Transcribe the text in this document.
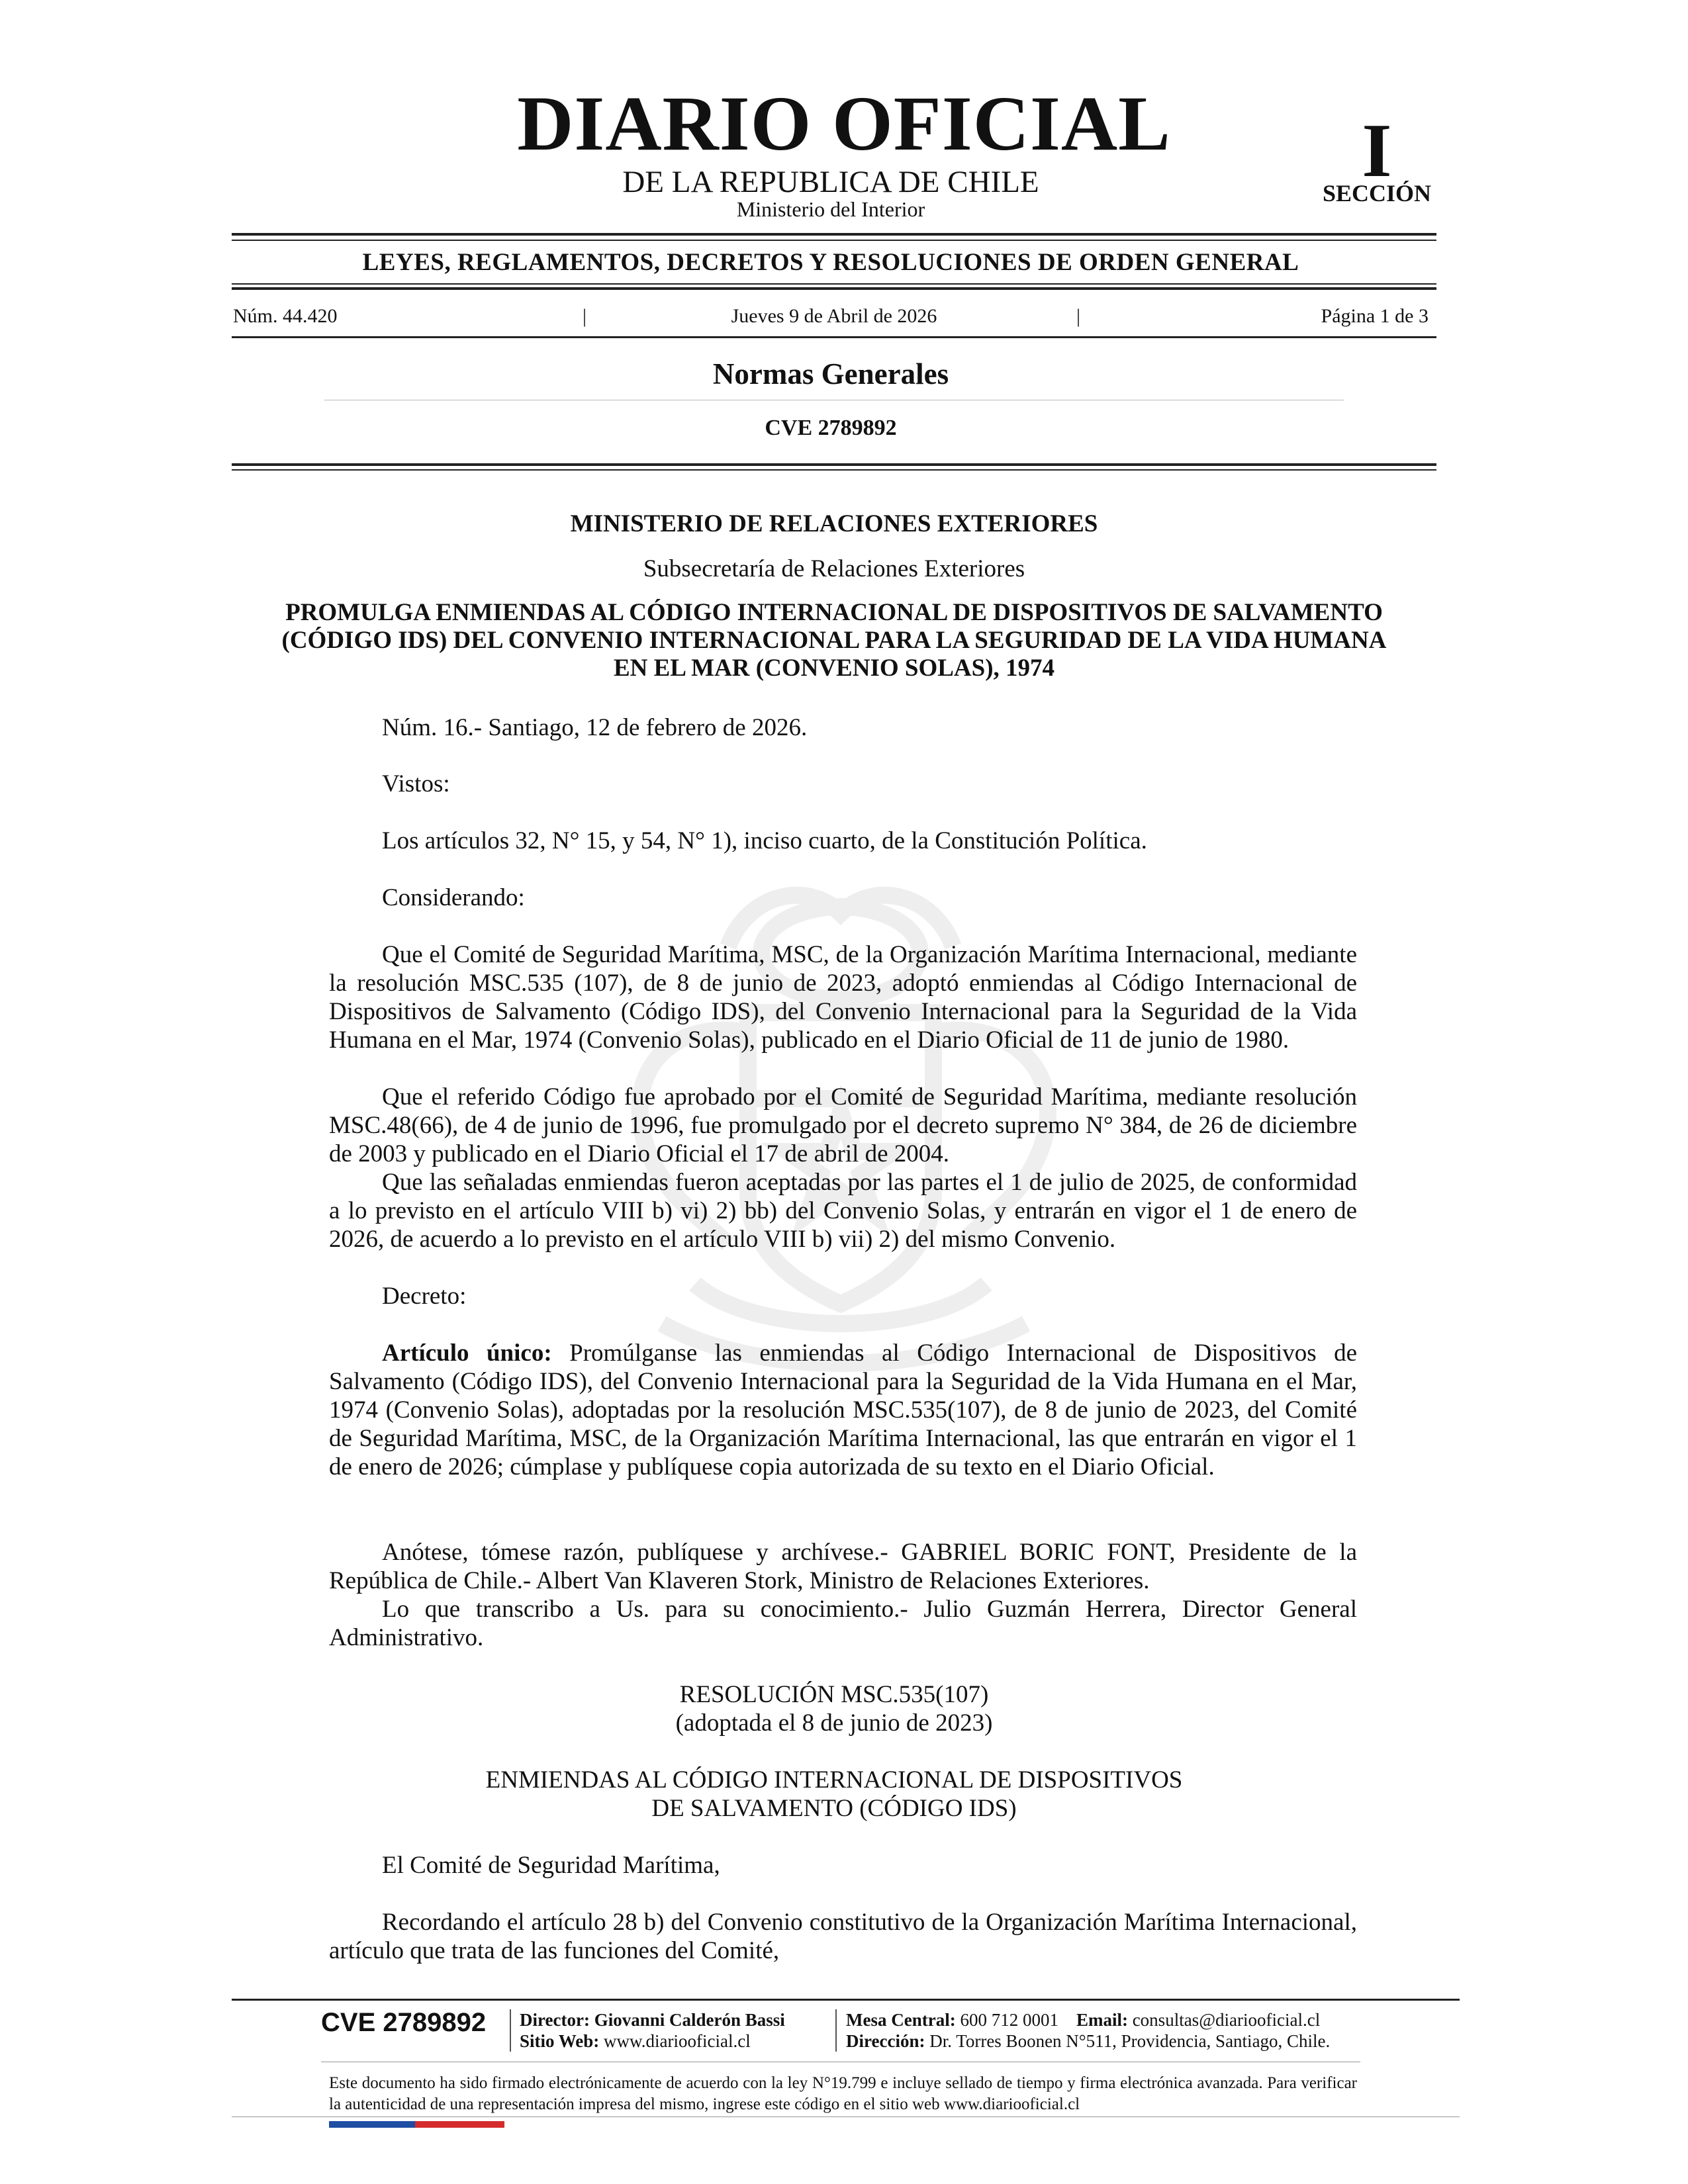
DIARIO OFICIAL
DE LA REPUBLICA DE CHILE
Ministerio del Interior
I
SECCIÓN
LEYES, REGLAMENTOS, DECRETOS Y RESOLUCIONES DE ORDEN GENERAL
Núm. 44.420	|	Jueves 9 de Abril de 2026	|	Página 1 de 3
Normas Generales
CVE 2789892
MINISTERIO DE RELACIONES EXTERIORES
Subsecretaría de Relaciones Exteriores
PROMULGA ENMIENDAS AL CÓDIGO INTERNACIONAL DE DISPOSITIVOS DE SALVAMENTO (CÓDIGO IDS) DEL CONVENIO INTERNACIONAL PARA LA SEGURIDAD DE LA VIDA HUMANA EN EL MAR (CONVENIO SOLAS), 1974
Núm. 16.- Santiago, 12 de febrero de 2026.
Vistos:
Los artículos 32, N° 15, y 54, N° 1), inciso cuarto, de la Constitución Política.
Considerando:
Que el Comité de Seguridad Marítima, MSC, de la Organización Marítima Internacional, mediante la resolución MSC.535 (107), de 8 de junio de 2023, adoptó enmiendas al Código Internacional de Dispositivos de Salvamento (Código IDS), del Convenio Internacional para la Seguridad de la Vida Humana en el Mar, 1974 (Convenio Solas), publicado en el Diario Oficial de 11 de junio de 1980.
Que el referido Código fue aprobado por el Comité de Seguridad Marítima, mediante resolución MSC.48(66), de 4 de junio de 1996, fue promulgado por el decreto supremo N° 384, de 26 de diciembre de 2003 y publicado en el Diario Oficial el 17 de abril de 2004.
Que las señaladas enmiendas fueron aceptadas por las partes el 1 de julio de 2025, de conformidad a lo previsto en el artículo VIII b) vi) 2) bb) del Convenio Solas, y entrarán en vigor el 1 de enero de 2026, de acuerdo a lo previsto en el artículo VIII b) vii) 2) del mismo Convenio.
Decreto:
Artículo único: Promúlganse las enmiendas al Código Internacional de Dispositivos de Salvamento (Código IDS), del Convenio Internacional para la Seguridad de la Vida Humana en el Mar, 1974 (Convenio Solas), adoptadas por la resolución MSC.535(107), de 8 de junio de 2023, del Comité de Seguridad Marítima, MSC, de la Organización Marítima Internacional, las que entrarán en vigor el 1 de enero de 2026; cúmplase y publíquese copia autorizada de su texto en el Diario Oficial.
Anótese, tómese razón, publíquese y archívese.- GABRIEL BORIC FONT, Presidente de la República de Chile.- Albert Van Klaveren Stork, Ministro de Relaciones Exteriores.
Lo que transcribo a Us. para su conocimiento.- Julio Guzmán Herrera, Director General Administrativo.
RESOLUCIÓN MSC.535(107)
(adoptada el 8 de junio de 2023)
ENMIENDAS AL CÓDIGO INTERNACIONAL DE DISPOSITIVOS
DE SALVAMENTO (CÓDIGO IDS)
El Comité de Seguridad Marítima,
Recordando el artículo 28 b) del Convenio constitutivo de la Organización Marítima Internacional, artículo que trata de las funciones del Comité,
CVE 2789892 Director: Giovanni Calderón Bassi
Sitio Web: www.diariooficial.cl
Mesa Central: 600 712 0001 Email: consultas@diariooficial.cl
Dirección: Dr. Torres Boonen N°511, Providencia, Santiago, Chile.
Este documento ha sido firmado electrónicamente de acuerdo con la ley N°19.799 e incluye sellado de tiempo y firma electrónica avanzada. Para verificar la autenticidad de una representación impresa del mismo, ingrese este código en el sitio web www.diariooficial.cl
